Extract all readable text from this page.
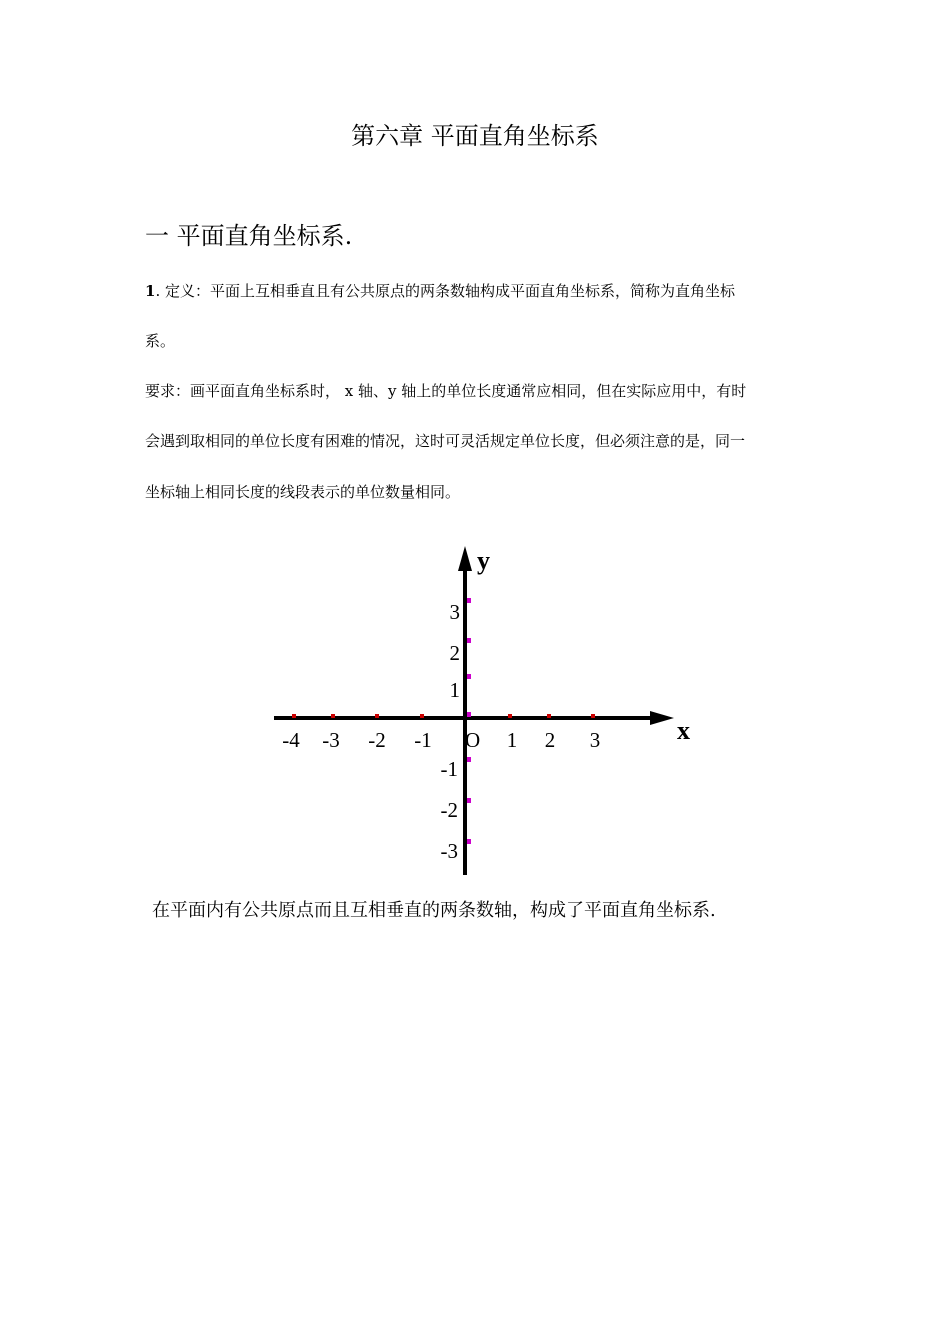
第六章 平面直角坐标系
一 平面直角坐标系.
1. 定义：平面上互相垂直且有公共原点的两条数轴构成平面直角坐标系，简称为直角坐标
系。
要求：画平面直角坐标系时， x 轴、y 轴上的单位长度通常应相同，但在实际应用中，有时
会遇到取相同的单位长度有困难的情况，这时可灵活规定单位长度，但必须注意的是，同一
坐标轴上相同长度的线段表示的单位数量相同。
y
x
O
-4 -3 -2 -1	1 2 3
3
2
1
-1
-2
-3
在平面内有公共原点而且互相垂直的两条数轴，构成了平面直角坐标系.
